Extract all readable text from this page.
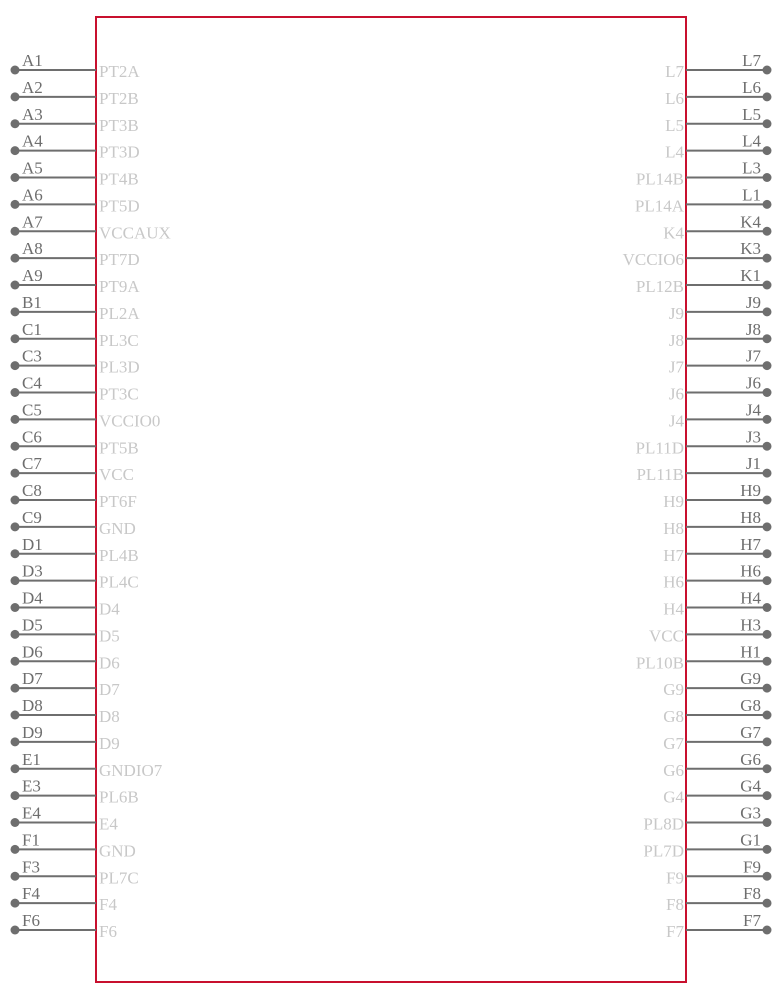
A1
PT2A
A2
PT2B
A3
PT3B
A4
PT3D
A5
PT4B
A6
PT5D
A7
VCCAUX
A8
PT7D
A9
PT9A
B1
PL2A
C1
PL3C
C3
PL3D
C4
PT3C
C5
VCCIO0
C6
PT5B
C7
VCC
C8
PT6F
C9
GND
D1
PL4B
D3
PL4C
D4
D4
D5
D5
D6
D6
D7
D7
D8
D8
D9
D9
E1
GNDIO7
E3
PL6B
E4
E4
F1
GND
F3
PL7C
F4
F4
F6
F6
L7
L7
L6
L6
L5
L5
L4
L4
L3
PL14B
L1
PL14A
K4
K4
K3
VCCIO6
K1
PL12B
J9
J9
J8
J8
J7
J7
J6
J6
J4
J4
J3
PL11D
J1
PL11B
H9
H9
H8
H8
H7
H7
H6
H6
H4
H4
H3
VCC
H1
PL10B
G9
G9
G8
G8
G7
G7
G6
G6
G4
G4
G3
PL8D
G1
PL7D
F9
F9
F8
F8
F7
F7
